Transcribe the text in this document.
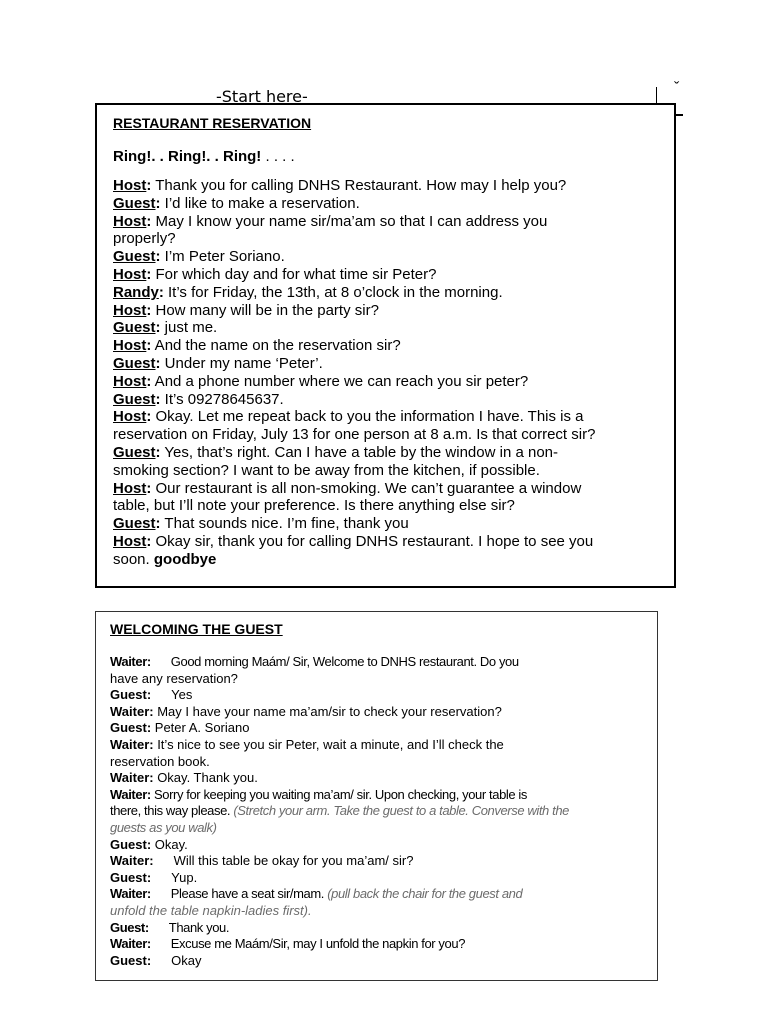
-Start here-	ˇ
RESTAURANT RESERVATION
Ring!. . Ring!. . Ring! . . . .
Host: Thank you for calling DNHS Restaurant. How may I help you?
Guest: I’d like to make a reservation.
Host: May I know your name sir/ma’am so that I can address you
properly?
Guest: I’m Peter Soriano.
Host: For which day and for what time sir Peter?
Randy: It’s for Friday, the 13th, at 8 o’clock in the morning.
Host: How many will be in the party sir?
Guest: just me.
Host: And the name on the reservation sir?
Guest: Under my name ‘Peter’.
Host: And a phone number where we can reach you sir peter?
Guest: It’s 09278645637.
Host: Okay. Let me repeat back to you the information I have. This is a
reservation on Friday, July 13 for one person at 8 a.m. Is that correct sir?
Guest: Yes, that’s right. Can I have a table by the window in a non-
smoking section? I want to be away from the kitchen, if possible.
Host: Our restaurant is all non-smoking. We can’t guarantee a window
table, but I’ll note your preference. Is there anything else sir?
Guest: That sounds nice. I’m fine, thank you
Host: Okay sir, thank you for calling DNHS restaurant. I hope to see you
soon. goodbye
WELCOMING THE GUEST
Waiter: Good morning Maám/ Sir, Welcome to DNHS restaurant. Do you
have any reservation?
Guest: Yes
Waiter: May I have your name ma’am/sir to check your reservation?
Guest: Peter A. Soriano
Waiter: It’s nice to see you sir Peter, wait a minute, and I’ll check the
reservation book.
Waiter: Okay. Thank you.
Waiter: Sorry for keeping you waiting ma’am/ sir. Upon checking, your table is
there, this way please. (Stretch your arm. Take the guest to a table. Converse with the
guests as you walk)
Guest: Okay.
Waiter: Will this table be okay for you ma’am/ sir?
Guest: Yup.
Waiter: Please have a seat sir/mam. (pull back the chair for the guest and
unfold the table napkin-ladies first).
Guest: Thank you.
Waiter: Excuse me Maám/Sir, may I unfold the napkin for you?
Guest: Okay
